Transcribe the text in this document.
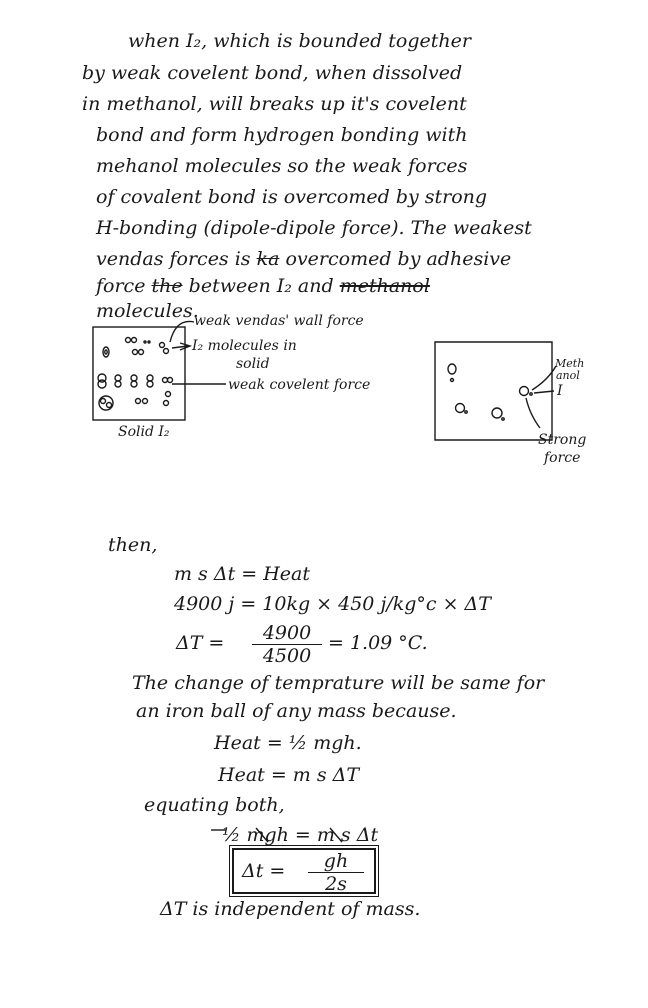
when I₂, which is bounded together
by weak covelent bond, when dissolved
in methanol, will breaks up it's covelent
bond and form hydrogen bonding with
mehanol molecules so the weak forces
of covalent bond is overcomed by strong
H-bonding (dipole-dipole force). The weakest
vendas forces is ka overcomed by adhesive
force the between I₂ and methanol
molecules.
weak vendas' wall force
I₂ molecules in
solid
weak covelent force
Solid I₂
Meth
anol
I
Strong
force
then,
m s Δt = Heat
4900 j = 10kg × 450 j/kg°c × ΔT
$\Delta T = \frac{4900}{4500} = 1.09$ °C.
The change of temprature will be same for
an iron ball of any mass because.
Heat = ½ mgh.
Heat = m s ΔT
equating both,
½ mgh = m s Δt
$\Delta t = \frac{gh}{2s}$
ΔT is independent of mass.
